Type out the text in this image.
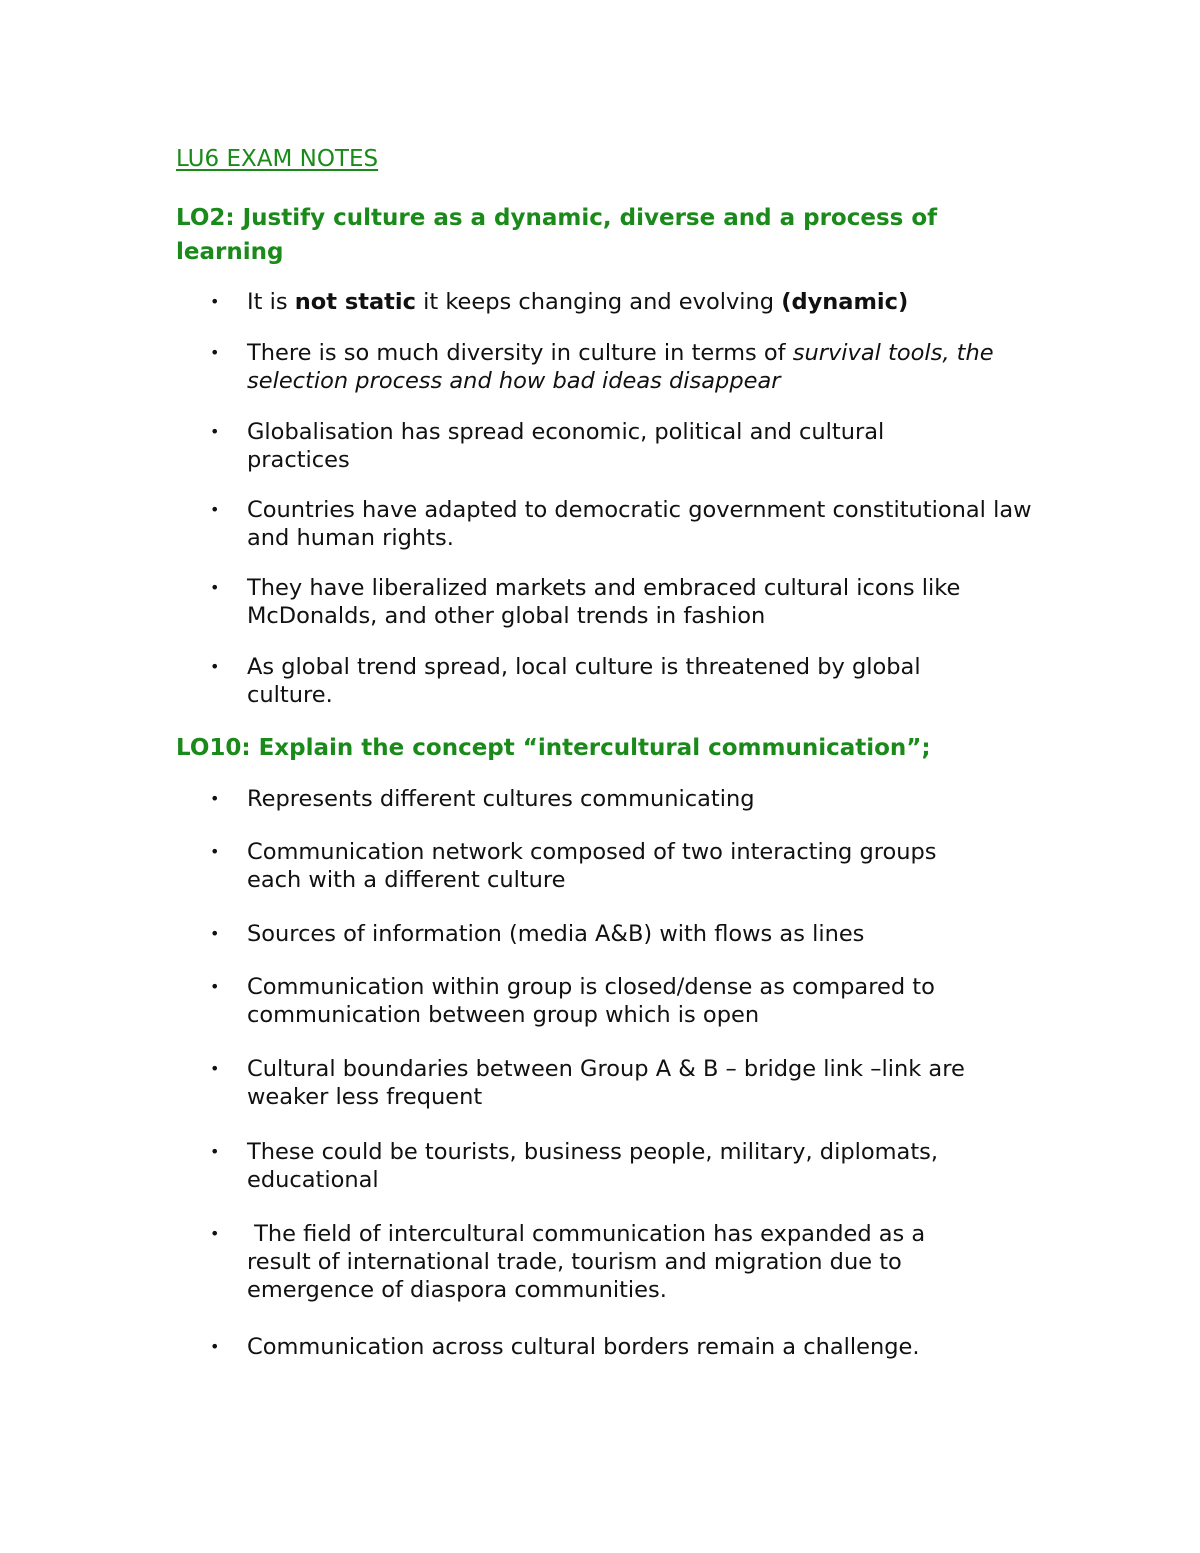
LU6 EXAM NOTES
LO2: Justify culture as a dynamic, diverse and a process of learning
• It is not static it keeps changing and evolving (dynamic)
• There is so much diversity in culture in terms of survival tools, the selection process and how bad ideas disappear
• Globalisation has spread economic, political and cultural practices
• Countries have adapted to democratic government constitutional law and human rights.
• They have liberalized markets and embraced cultural icons like McDonalds, and other global trends in fashion
• As global trend spread, local culture is threatened by global culture.
LO10: Explain the concept “intercultural communication”;
• Represents different cultures communicating
• Communication network composed of two interacting groups each with a different culture
• Sources of information (media A&B) with flows as lines
• Communication within group is closed/dense as compared to communication between group which is open
• Cultural boundaries between Group A & B – bridge link –link are weaker less frequent
• These could be tourists, business people, military, diplomats, educational
• The field of intercultural communication has expanded as a result of international trade, tourism and migration due to emergence of diaspora communities.
• Communication across cultural borders remain a challenge.
